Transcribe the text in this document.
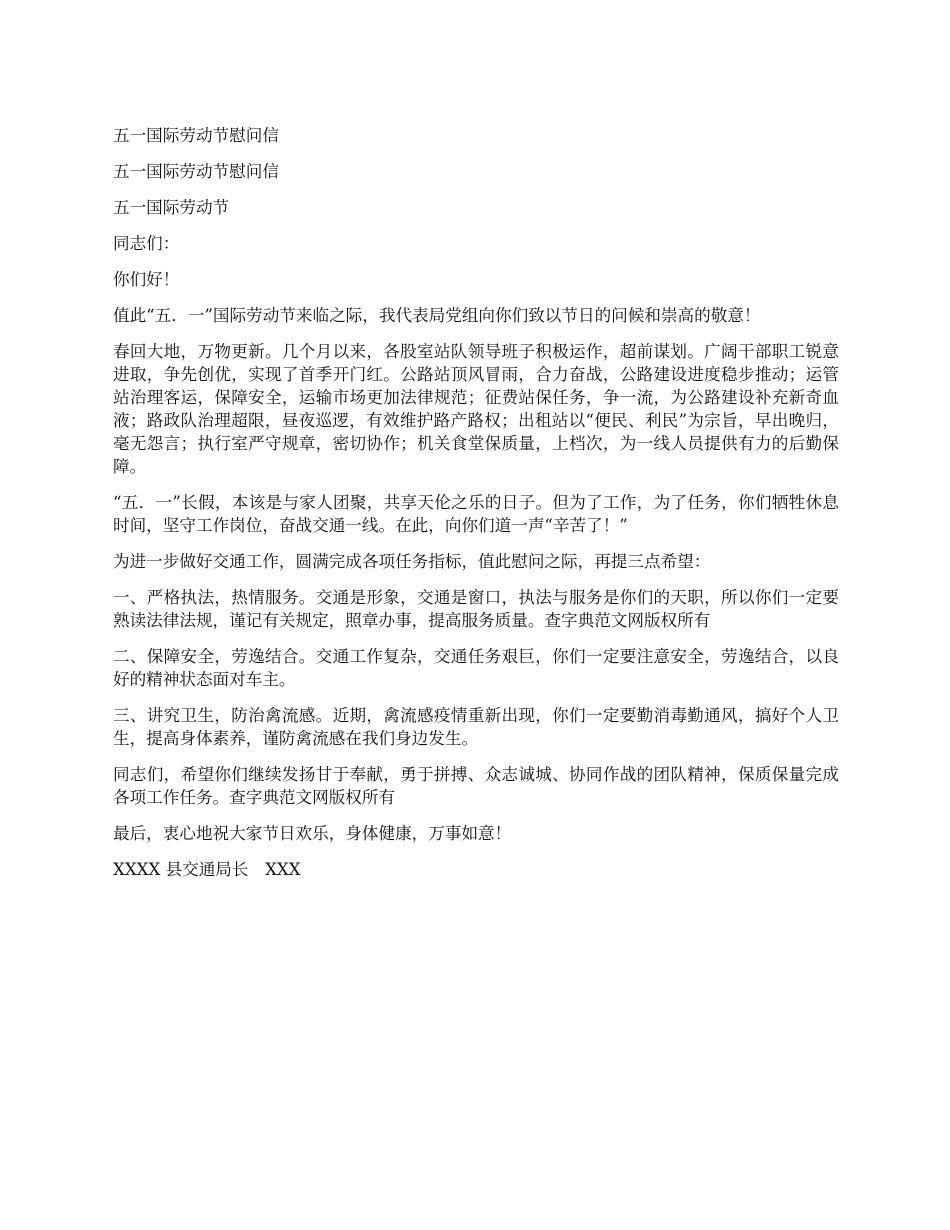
五一国际劳动节慰问信

五一国际劳动节慰问信

五一国际劳动节

同志们：

你们好！

值此“五．一”国际劳动节来临之际，我代表局党组向你们致以节日的问候和崇高的敬意！

春回大地，万物更新。几个月以来，各股室站队领导班子积极运作，超前谋划。广阔干部职工锐意进取，争先创优，实现了首季开门红。公路站顶风冒雨，合力奋战，公路建设进度稳步推动；运管站治理客运，保障安全，运输市场更加法律规范；征费站保任务，争一流，为公路建设补充新奇血液；路政队治理超限，昼夜巡逻，有效维护路产路权；出租站以“便民、利民”为宗旨，早出晚归，毫无怨言；执行室严守规章，密切协作；机关食堂保质量，上档次，为一线人员提供有力的后勤保障。

“五．一”长假，本该是与家人团聚，共享天伦之乐的日子。但为了工作，为了任务，你们牺牲休息时间，坚守工作岗位，奋战交通一线。在此，向你们道一声“辛苦了！”

为进一步做好交通工作，圆满完成各项任务指标，值此慰问之际，再提三点希望：

一、严格执法，热情服务。交通是形象，交通是窗口，执法与服务是你们的天职，所以你们一定要熟读法律法规，谨记有关规定，照章办事，提高服务质量。查字典范文网版权所有

二、保障安全，劳逸结合。交通工作复杂，交通任务艰巨，你们一定要注意安全，劳逸结合，以良好的精神状态面对车主。

三、讲究卫生，防治禽流感。近期，禽流感疫情重新出现，你们一定要勤消毒勤通风，搞好个人卫生，提高身体素养，谨防禽流感在我们身边发生。

同志们，希望你们继续发扬甘于奉献，勇于拼搏、众志诚城、协同作战的团队精神，保质保量完成各项工作任务。查字典范文网版权所有

最后，衷心地祝大家节日欢乐，身体健康，万事如意！

XXXX 县交通局长　XXX
